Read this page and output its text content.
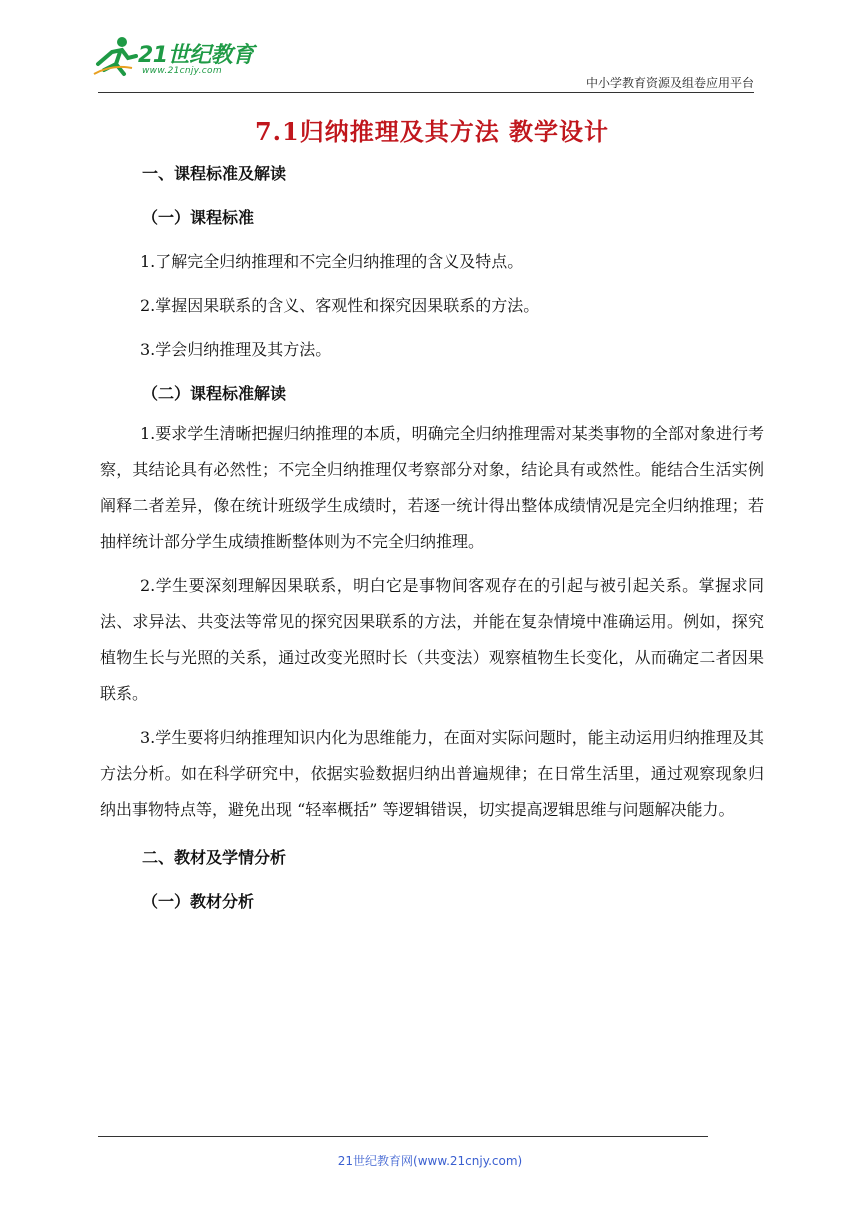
21世纪教育
www.21cnjy.com
中小学教育资源及组卷应用平台
7.1归纳推理及其方法 教学设计

一、课程标准及解读

（一）课程标准

1.了解完全归纳推理和不完全归纳推理的含义及特点。

2.掌握因果联系的含义、客观性和探究因果联系的方法。

3.学会归纳推理及其方法。

（二）课程标准解读

1.要求学生清晰把握归纳推理的本质，明确完全归纳推理需对某类事物的全部对象进行考察，其结论具有必然性；不完全归纳推理仅考察部分对象，结论具有或然性。能结合生活实例阐释二者差异，像在统计班级学生成绩时，若逐一统计得出整体成绩情况是完全归纳推理；若抽样统计部分学生成绩推断整体则为不完全归纳推理。

2.学生要深刻理解因果联系，明白它是事物间客观存在的引起与被引起关系。掌握求同法、求异法、共变法等常见的探究因果联系的方法，并能在复杂情境中准确运用。例如，探究植物生长与光照的关系，通过改变光照时长（共变法）观察植物生长变化，从而确定二者因果联系。

3.学生要将归纳推理知识内化为思维能力，在面对实际问题时，能主动运用归纳推理及其方法分析。如在科学研究中，依据实验数据归纳出普遍规律；在日常生活里，通过观察现象归纳出事物特点等，避免出现 “轻率概括” 等逻辑错误，切实提高逻辑思维与问题解决能力。

二、教材及学情分析

（一）教材分析

21世纪教育网(www.21cnjy.com)
